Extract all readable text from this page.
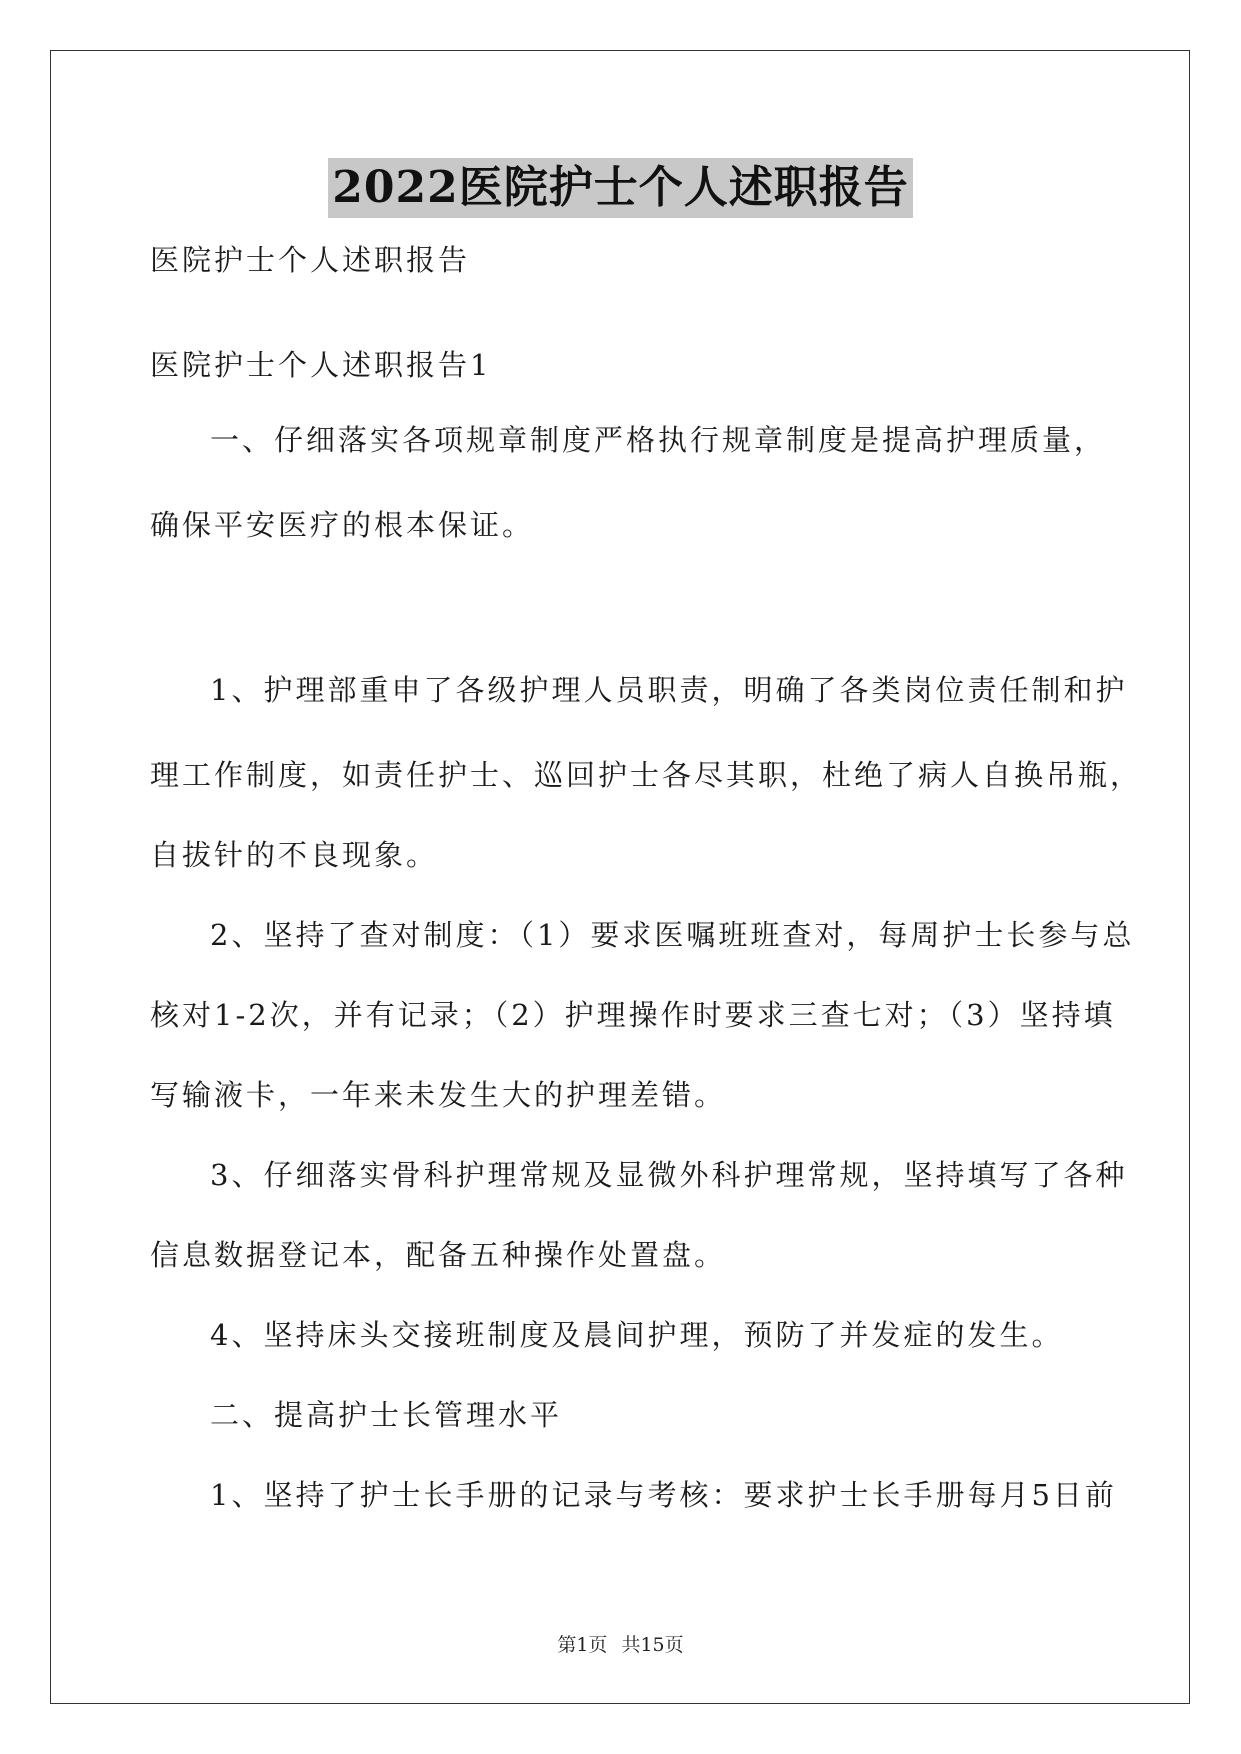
2022医院护士个人述职报告
医院护士个人述职报告
医院护士个人述职报告1
一、仔细落实各项规章制度严格执行规章制度是提高护理质量，
确保平安医疗的根本保证。
1、护理部重申了各级护理人员职责，明确了各类岗位责任制和护
理工作制度，如责任护士、巡回护士各尽其职，杜绝了病人自换吊瓶，
自拔针的不良现象。
2、坚持了查对制度：（1）要求医嘱班班查对，每周护士长参与总
核对1-2次，并有记录；（2）护理操作时要求三查七对；（3）坚持填
写输液卡，一年来未发生大的护理差错。
3、仔细落实骨科护理常规及显微外科护理常规，坚持填写了各种
信息数据登记本，配备五种操作处置盘。
4、坚持床头交接班制度及晨间护理，预防了并发症的发生。
二、提高护士长管理水平
1、坚持了护士长手册的记录与考核：要求护士长手册每月5日前
第1页 共15页
